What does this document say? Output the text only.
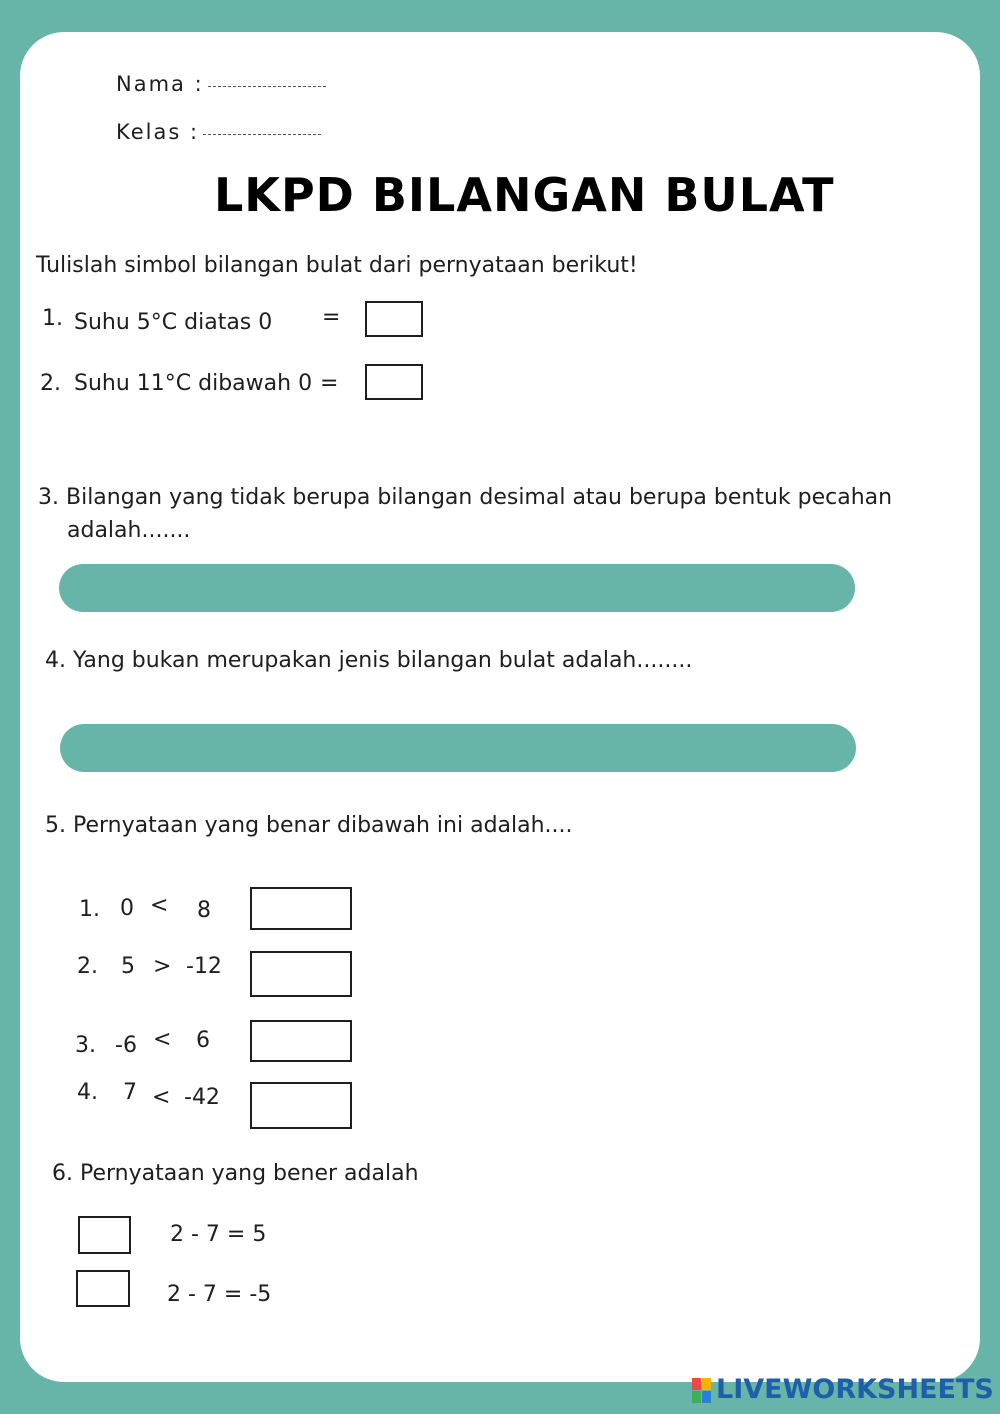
Nama :
Kelas :
LKPD BILANGAN BULAT
Tulislah simbol bilangan bulat dari pernyataan berikut!
1. Suhu 5°C diatas 0 =
2. Suhu 11°C dibawah 0 =
3. Bilangan yang tidak berupa bilangan desimal atau berupa bentuk pecahan
adalah.......
4. Yang bukan merupakan jenis bilangan bulat adalah........
5. Pernyataan yang benar dibawah ini adalah....
1. 0 < 8
2. 5 > -12
3. -6 < 6
4. 7 < -42
6. Pernyataan yang bener adalah
2 - 7 = 5
2 - 7 = -5
LIVEWORKSHEETS
